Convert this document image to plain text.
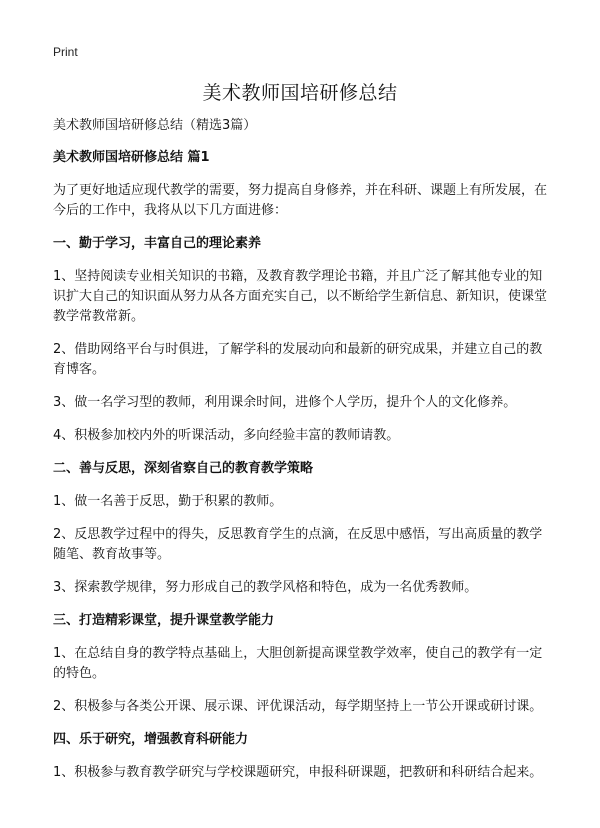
Print
美术教师国培研修总结

美术教师国培研修总结（精选3篇）

美术教师国培研修总结 篇1

为了更好地适应现代教学的需要，努力提高自身修养，并在科研、课题上有所发展，在今后的工作中，我将从以下几方面进修：

一、勤于学习，丰富自己的理论素养

1、坚持阅读专业相关知识的书籍，及教育教学理论书籍，并且广泛了解其他专业的知识扩大自己的知识面从努力从各方面充实自己，以不断给学生新信息、新知识，使课堂教学常教常新。

2、借助网络平台与时俱进，了解学科的发展动向和最新的研究成果，并建立自己的教育博客。

3、做一名学习型的教师，利用课余时间，进修个人学历，提升个人的文化修养。

4、积极参加校内外的听课活动，多向经验丰富的教师请教。

二、善与反思，深刻省察自己的教育教学策略

1、做一名善于反思，勤于积累的教师。

2、反思教学过程中的得失，反思教育学生的点滴，在反思中感悟，写出高质量的教学随笔、教育故事等。

3、探索教学规律，努力形成自己的教学风格和特色，成为一名优秀教师。

三、打造精彩课堂，提升课堂教学能力

1、在总结自身的教学特点基础上，大胆创新提高课堂教学效率，使自己的教学有一定的特色。

2、积极参与各类公开课、展示课、评优课活动，每学期坚持上一节公开课或研讨课。

四、乐于研究，增强教育科研能力

1、积极参与教育教学研究与学校课题研究，申报科研课题，把教研和科研结合起来。
